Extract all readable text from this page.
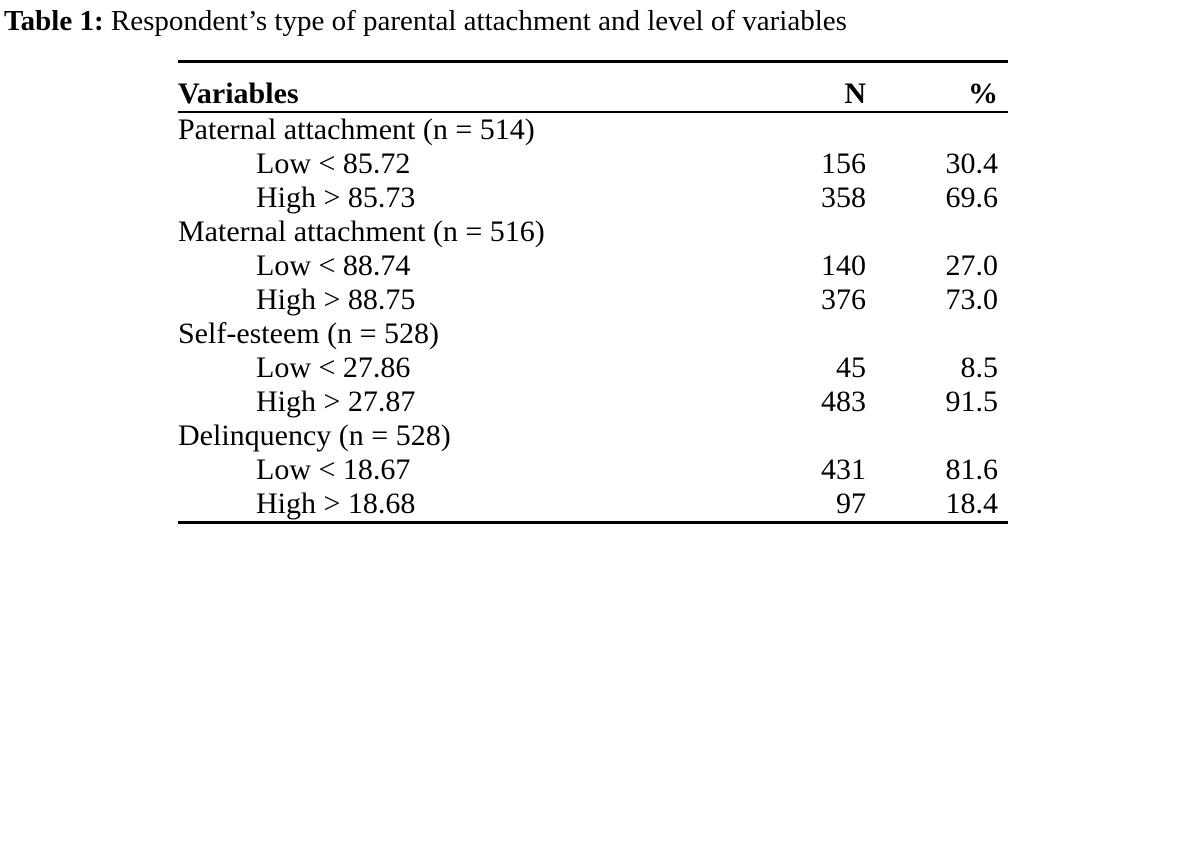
Table 1: Respondent’s type of parental attachment and level of variables

Variables	N	%
Paternal attachment (n = 514)		
Low < 85.72	156	30.4
High > 85.73	358	69.6
Maternal attachment (n = 516)		
Low < 88.74	140	27.0
High > 88.75	376	73.0
Self-esteem (n = 528)		
Low < 27.86	45	8.5
High > 27.87	483	91.5
Delinquency (n = 528)		
Low < 18.67	431	81.6
High > 18.68	97	18.4
